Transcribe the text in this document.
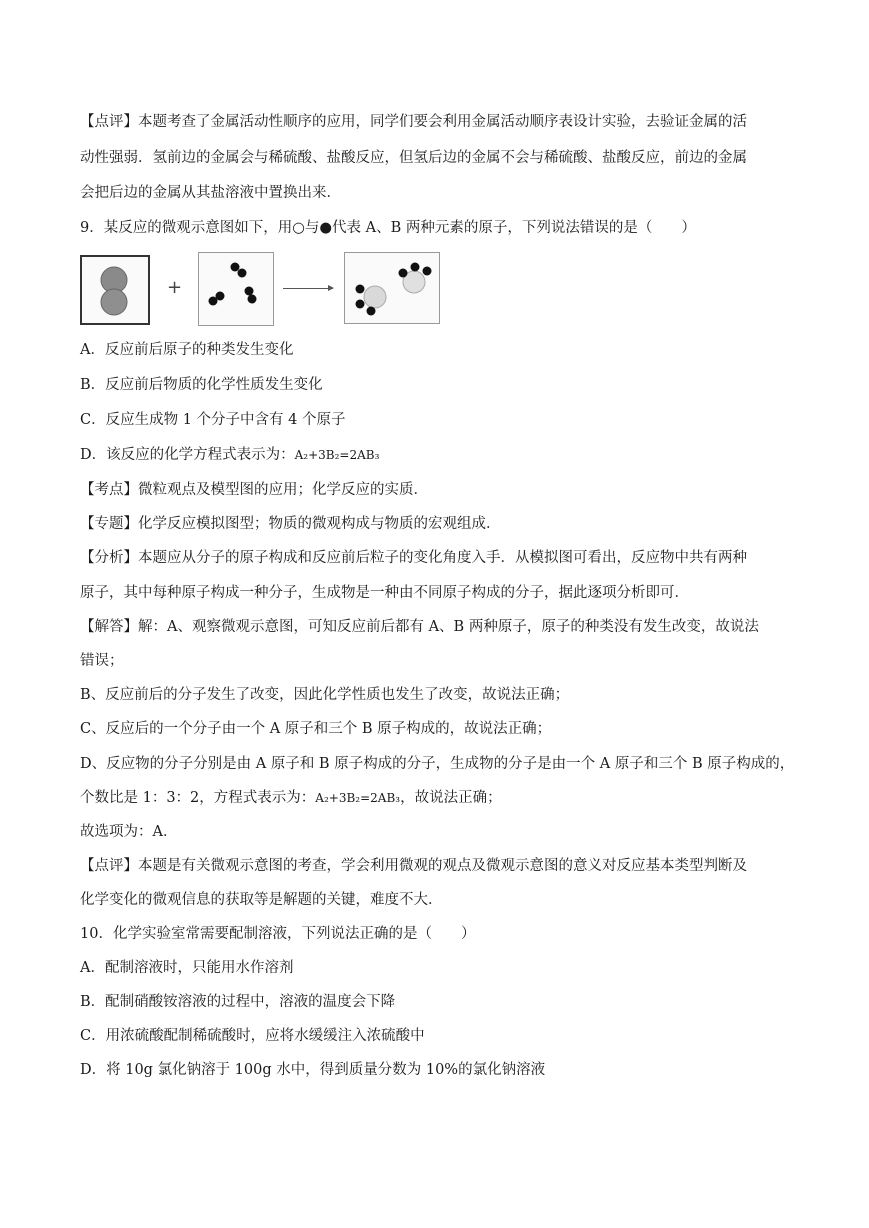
【点评】本题考查了金属活动性顺序的应用，同学们要会利用金属活动顺序表设计实验，去验证金属的活
动性强弱．氢前边的金属会与稀硫酸、盐酸反应，但氢后边的金属不会与稀硫酸、盐酸反应，前边的金属
会把后边的金属从其盐溶液中置换出来．
9．某反应的微观示意图如下，用○与●代表 A、B 两种元素的原子，下列说法错误的是（　　）
+
A．反应前后原子的种类发生变化
B．反应前后物质的化学性质发生变化
C．反应生成物 1 个分子中含有 4 个原子
D．该反应的化学方程式表示为：A₂+3B₂=2AB₃
【考点】微粒观点及模型图的应用；化学反应的实质．
【专题】化学反应模拟图型；物质的微观构成与物质的宏观组成．
【分析】本题应从分子的原子构成和反应前后粒子的变化角度入手．从模拟图可看出，反应物中共有两种
原子，其中每种原子构成一种分子，生成物是一种由不同原子构成的分子，据此逐项分析即可．
【解答】解：A、观察微观示意图，可知反应前后都有 A、B 两种原子，原子的种类没有发生改变，故说法
错误；
B、反应前后的分子发生了改变，因此化学性质也发生了改变，故说法正确；
C、反应后的一个分子由一个 A 原子和三个 B 原子构成的，故说法正确；
D、反应物的分子分别是由 A 原子和 B 原子构成的分子，生成物的分子是由一个 A 原子和三个 B 原子构成的，
个数比是 1：3：2，方程式表示为：A₂+3B₂=2AB₃，故说法正确；
故选项为：A．
【点评】本题是有关微观示意图的考查，学会利用微观的观点及微观示意图的意义对反应基本类型判断及
化学变化的微观信息的获取等是解题的关键，难度不大．
10．化学实验室常需要配制溶液，下列说法正确的是（　　）
A．配制溶液时，只能用水作溶剂
B．配制硝酸铵溶液的过程中，溶液的温度会下降
C．用浓硫酸配制稀硫酸时，应将水缓缓注入浓硫酸中
D．将 10g 氯化钠溶于 100g 水中，得到质量分数为 10%的氯化钠溶液
